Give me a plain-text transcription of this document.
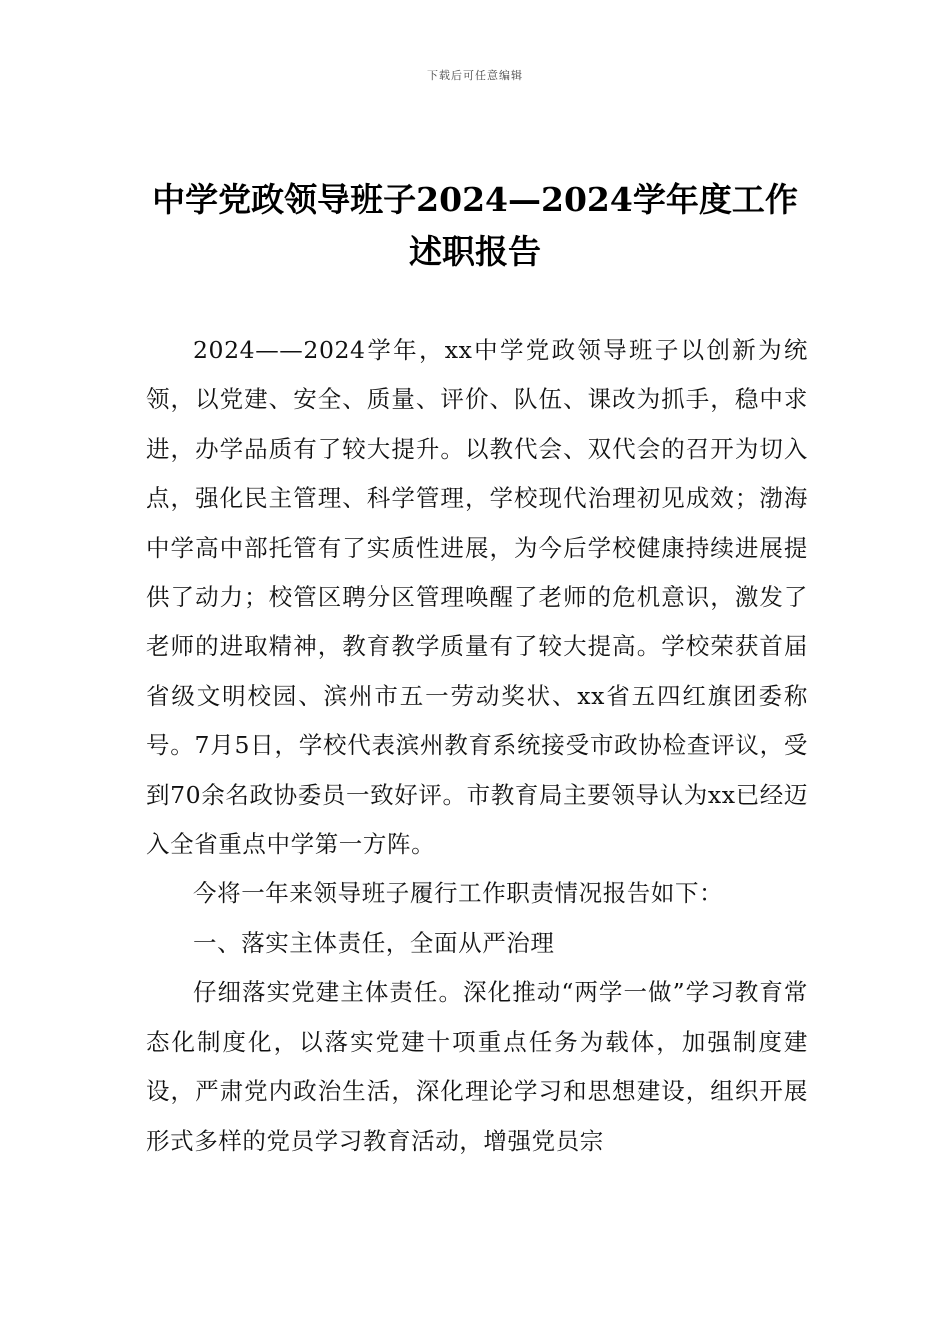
下载后可任意编辑
中学党政领导班子2024—2024学年度工作
述职报告

2024——2024学年，xx中学党政领导班子以创新为统领，以党建、安全、质量、评价、队伍、课改为抓手，稳中求进，办学品质有了较大提升。以教代会、双代会的召开为切入点，强化民主管理、科学管理，学校现代治理初见成效；渤海中学高中部托管有了实质性进展，为今后学校健康持续进展提供了动力；校管区聘分区管理唤醒了老师的危机意识，激发了老师的进取精神，教育教学质量有了较大提高。学校荣获首届省级文明校园、滨州市五一劳动奖状、xx省五四红旗团委称号。7月5日，学校代表滨州教育系统接受市政协检查评议，受到70余名政协委员一致好评。市教育局主要领导认为xx已经迈入全省重点中学第一方阵。

今将一年来领导班子履行工作职责情况报告如下：

一、落实主体责任，全面从严治理

仔细落实党建主体责任。深化推动“两学一做”学习教育常态化制度化，以落实党建十项重点任务为载体，加强制度建设，严肃党内政治生活，深化理论学习和思想建设，组织开展形式多样的党员学习教育活动，增强党员宗
